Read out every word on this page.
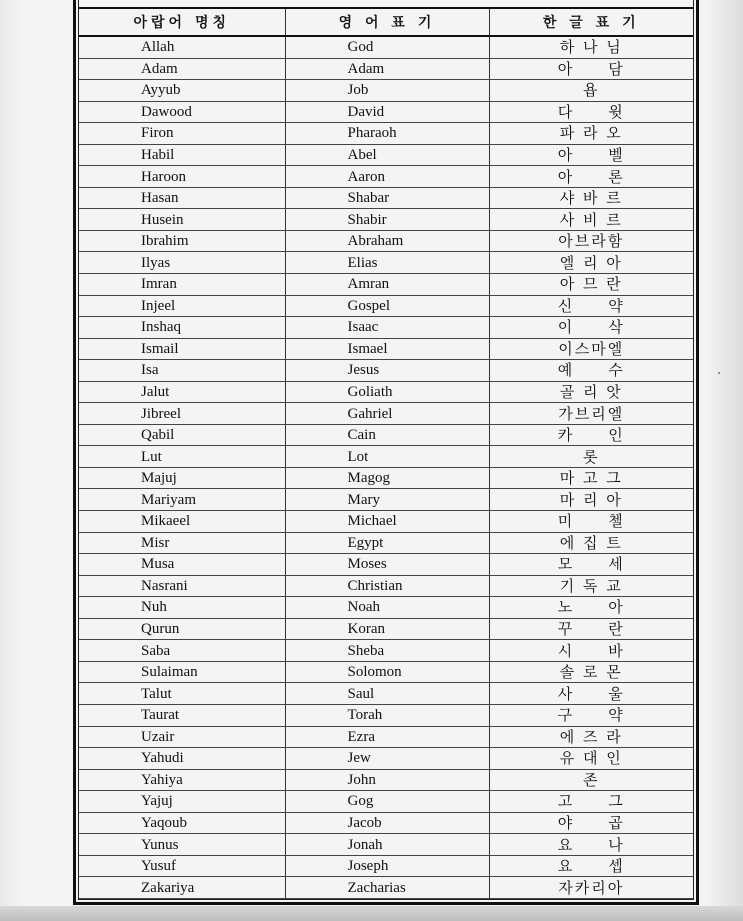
아랍어 명칭	영 어 표 기	한 글 표 기
Allah	God	하 나 님
Adam	Adam	아　　담
Ayyub	Job	욥
Dawood	David	다　　윗
Firon	Pharaoh	파 라 오
Habil	Abel	아　　벨
Haroon	Aaron	아　　론
Hasan	Shabar	샤 바 르
Husein	Shabir	사 비 르
Ibrahim	Abraham	아브라함
Ilyas	Elias	엘 리 아
Imran	Amran	아 므 란
Injeel	Gospel	신　　약
Inshaq	Isaac	이　　삭
Ismail	Ismael	이스마엘
Isa	Jesus	예　　수
Jalut	Goliath	골 리 앗
Jibreel	Gahriel	가브리엘
Qabil	Cain	카　　인
Lut	Lot	롯
Majuj	Magog	마 고 그
Mariyam	Mary	마 리 아
Mikaeel	Michael	미　　첼
Misr	Egypt	에 집 트
Musa	Moses	모　　세
Nasrani	Christian	기 독 교
Nuh	Noah	노　　아
Qurun	Koran	꾸　　란
Saba	Sheba	시　　바
Sulaiman	Solomon	솔 로 몬
Talut	Saul	사　　울
Taurat	Torah	구　　약
Uzair	Ezra	에 즈 라
Yahudi	Jew	유 대 인
Yahiya	John	존
Yajuj	Gog	고　　그
Yaqoub	Jacob	야　　곱
Yunus	Jonah	요　　나
Yusuf	Joseph	요　　셉
Zakariya	Zacharias	자카리아
